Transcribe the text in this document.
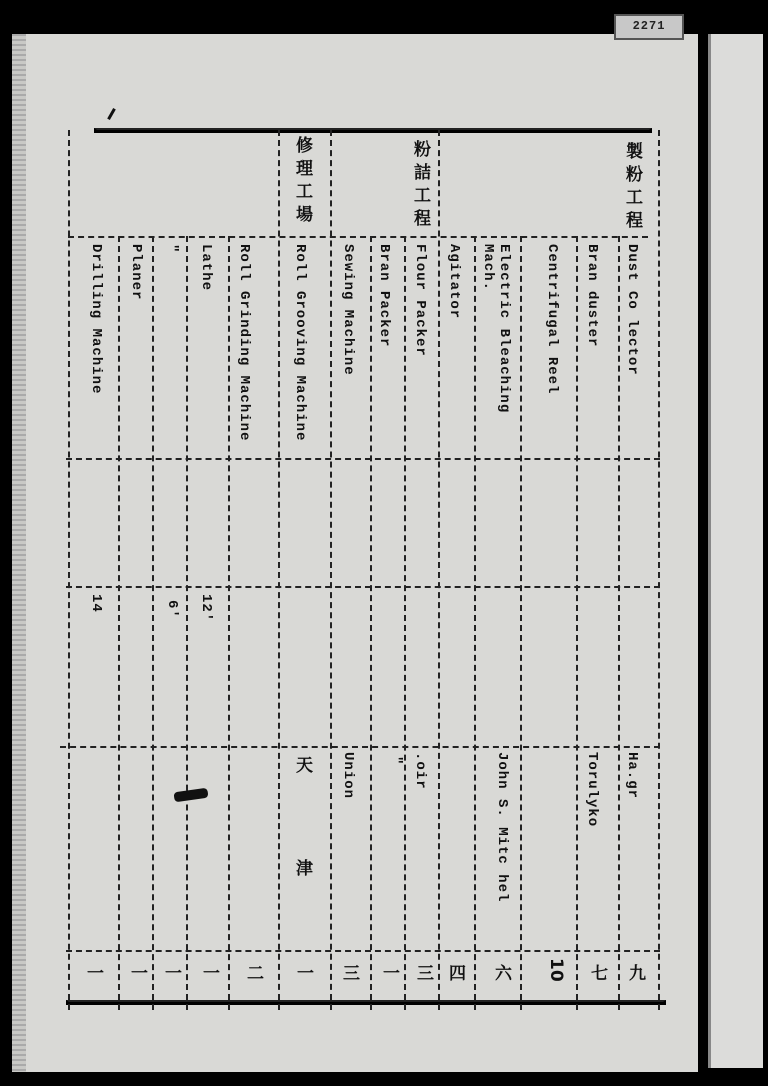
2271
製粉工程
粉詰工程
修理工場
Dust Co lector
Ha.gr
九
Bran duster
Torulyko
七
Centrifugal Reel
10
Electric Bleaching Mach.
John S. Mitc hel
六
Agitator
四
Flour Packer
.oir
三
Bran Packer
"
一
Sewing Machine
Union
三
Roll Grooving Machine
天 津
一
Roll Grinding Machine
二
Lathe
12'
一
"
6'
一
Planer
一
Drilling Machine
14
一
